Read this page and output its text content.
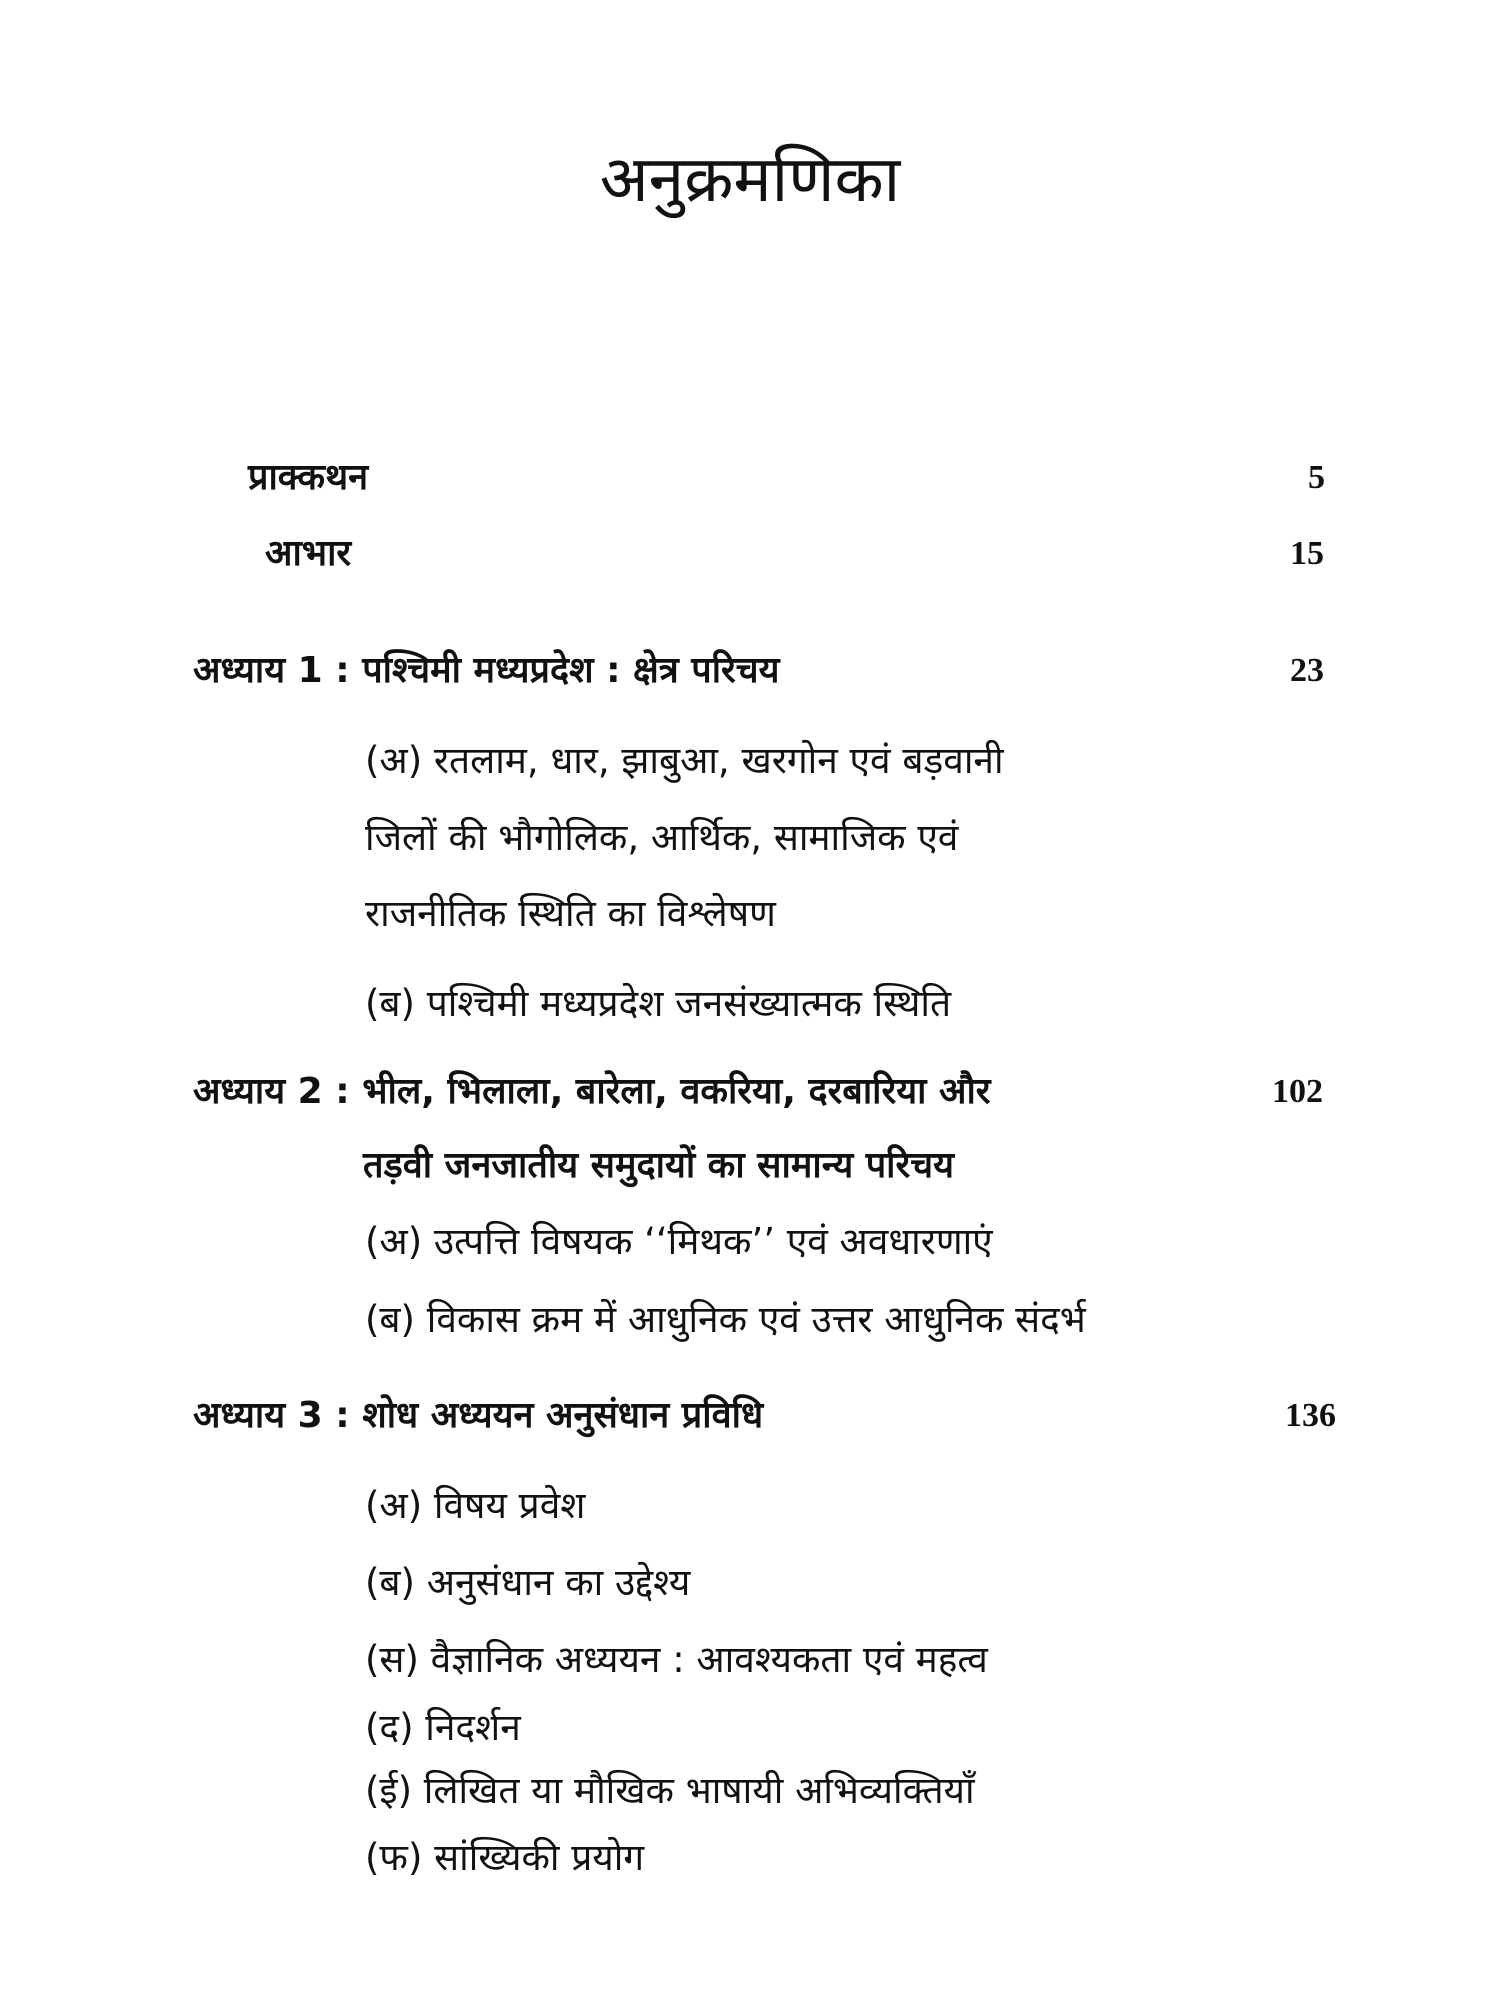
अनुक्रमणिका
प्राक्कथन	5
आभार	15
अध्याय 1 : पश्चिमी मध्यप्रदेश : क्षेत्र परिचय	23
(अ) रतलाम, धार, झाबुआ, खरगोन एवं बड़वानी
जिलों की भौगोलिक, आर्थिक, सामाजिक एवं
राजनीतिक स्थिति का विश्लेषण
(ब) पश्चिमी मध्यप्रदेश जनसंख्यात्मक स्थिति
अध्याय 2 : भील, भिलाला, बारेला, वकरिया, दरबारिया और	102
तड़वी जनजातीय समुदायों का सामान्य परिचय
(अ) उत्पत्ति विषयक ‘‘मिथक’’ एवं अवधारणाएं
(ब) विकास क्रम में आधुनिक एवं उत्तर आधुनिक संदर्भ
अध्याय 3 : शोध अध्ययन अनुसंधान प्रविधि	136
(अ) विषय प्रवेश
(ब) अनुसंधान का उद्देश्य
(स) वैज्ञानिक अध्ययन : आवश्यकता एवं महत्व
(द) निदर्शन
(ई) लिखित या मौखिक भाषायी अभिव्यक्तियाँ
(फ) सांख्यिकी प्रयोग
